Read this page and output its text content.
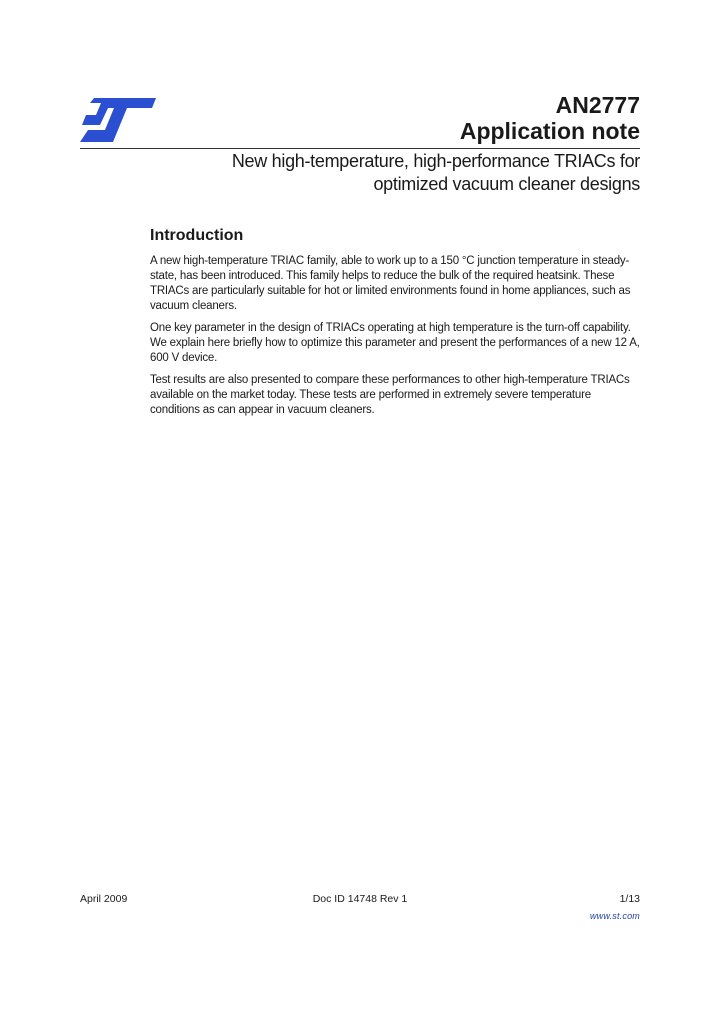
AN2777
Application note
New high-temperature, high-performance TRIACs for
optimized vacuum cleaner designs
Introduction

A new high-temperature TRIAC family, able to work up to a 150 °C junction temperature in steady-state, has been introduced. This family helps to reduce the bulk of the required heatsink. These TRIACs are particularly suitable for hot or limited environments found in home appliances, such as vacuum cleaners.

One key parameter in the design of TRIACs operating at high temperature is the turn-off capability. We explain here briefly how to optimize this parameter and present the performances of a new 12 A, 600 V device.

Test results are also presented to compare these performances to other high-temperature TRIACs available on the market today. These tests are performed in extremely severe temperature conditions as can appear in vacuum cleaners.

April 2009	Doc ID 14748 Rev 1	1/13
www.st.com
